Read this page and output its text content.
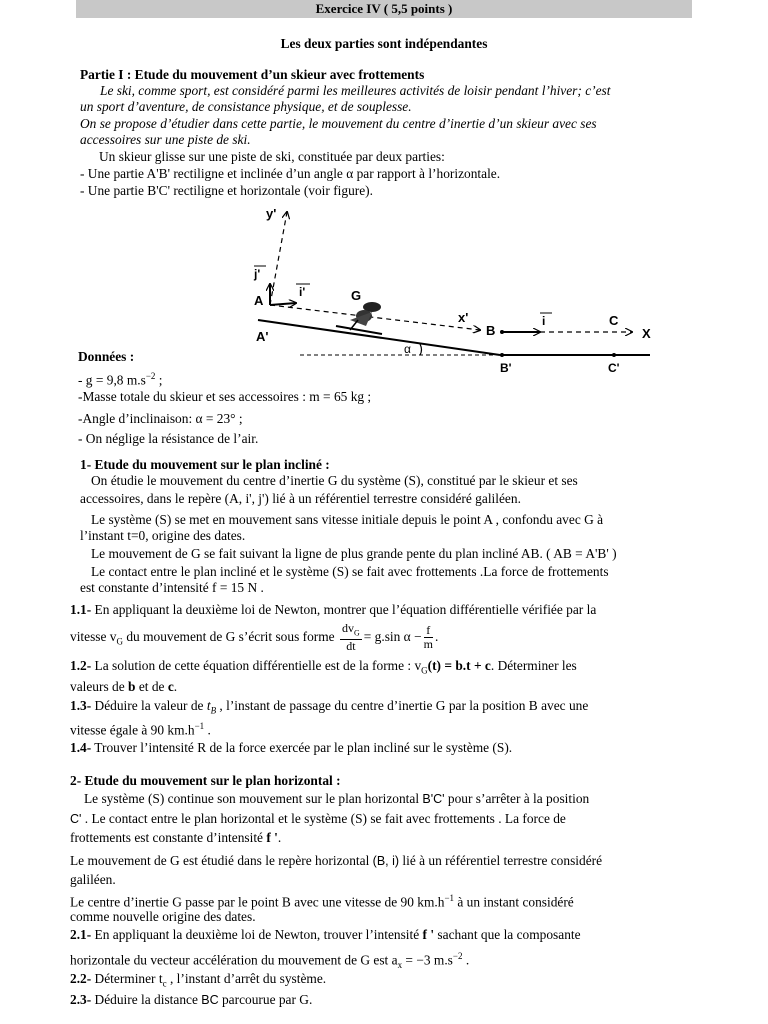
Exercice IV ( 5,5 points )
Les deux parties sont indépendantes
Partie I : Etude du mouvement d’un skieur avec frottements
Le ski, comme sport, est considéré parmi les meilleures activités de loisir pendant l’hiver; c’est
un sport d’aventure, de consistance physique, et de souplesse.
On se propose d’étudier dans cette partie, le mouvement du centre d’inertie d’un skieur avec ses
accessoires sur une piste de ski.
Un skieur glisse sur une piste de ski, constituée par deux parties:
- Une partie A'B' rectiligne et inclinée d’un angle α par rapport à l’horizontale.
- Une partie B'C' rectiligne et horizontale (voir figure).
y'
j'
i'
A
A'
x'
α
G
B
i	C
X
B'	C'
Données :
- g = 9,8 $m.s^{-2}$ ;
-Masse totale du skieur et ses accessoires : m = 65 kg ;
-Angle d’inclinaison: α = 23° ;
- On néglige la résistance de l’air.
1- Etude du mouvement sur le plan incliné :
On étudie le mouvement du centre d’inertie G du système (S), constitué par le skieur et ses
accessoires, dans le repère (A, i', j') lié à un référentiel terrestre considéré galiléen.
Le système (S) se met en mouvement sans vitesse initiale depuis le point A , confondu avec G à
l’instant t=0, origine des dates.
Le mouvement de G se fait suivant la ligne de plus grande pente du plan incliné AB. ( AB = A'B' )
Le contact entre le plan incliné et le système (S) se fait avec frottements .La force de frottements
est constante d’intensité f = 15 N .
1.1- En appliquant la deuxième loi de Newton, montrer que l’équation différentielle vérifiée par la
vitesse $v_G$ du mouvement de G s’écrit sous forme $\frac{dv_G}{dt} = g.\sin$ $\alpha - \frac{f}{m}$ .
1.2- La solution de cette équation différentielle est de la forme : $v_G(t) = b.t + c$. Déterminer les
valeurs de b et de c.
1.3- Déduire la valeur de $t_B$ , l’instant de passage du centre d’inertie G par la position B avec une
vitesse égale à 90 $km.h^{-1}$ .
1.4- Trouver l’intensité R de la force exercée par le plan incliné sur le système (S).
2- Etude du mouvement sur le plan horizontal :
Le système (S) continue son mouvement sur le plan horizontal B'C' pour s’arrêter à la position
C' . Le contact entre le plan horizontal et le système (S) se fait avec frottements . La force de
frottements est constante d’intensité f '.
Le mouvement de G est étudié dans le repère horizontal (B, i) lié à un référentiel terrestre considéré
galiléen.
Le centre d’inertie G passe par le point B avec une vitesse de 90 $km.h^{-1}$ à un instant considéré
comme nouvelle origine des dates.
2.1- En appliquant la deuxième loi de Newton, trouver l’intensité f ' sachant que la composante
horizontale du vecteur accélération du mouvement de G est $a_x = -3$ $m.s^{-2}$ .
2.2- Déterminer $t_c$ , l’instant d’arrêt du système.
2.3- Déduire la distance BC parcourue par G.
